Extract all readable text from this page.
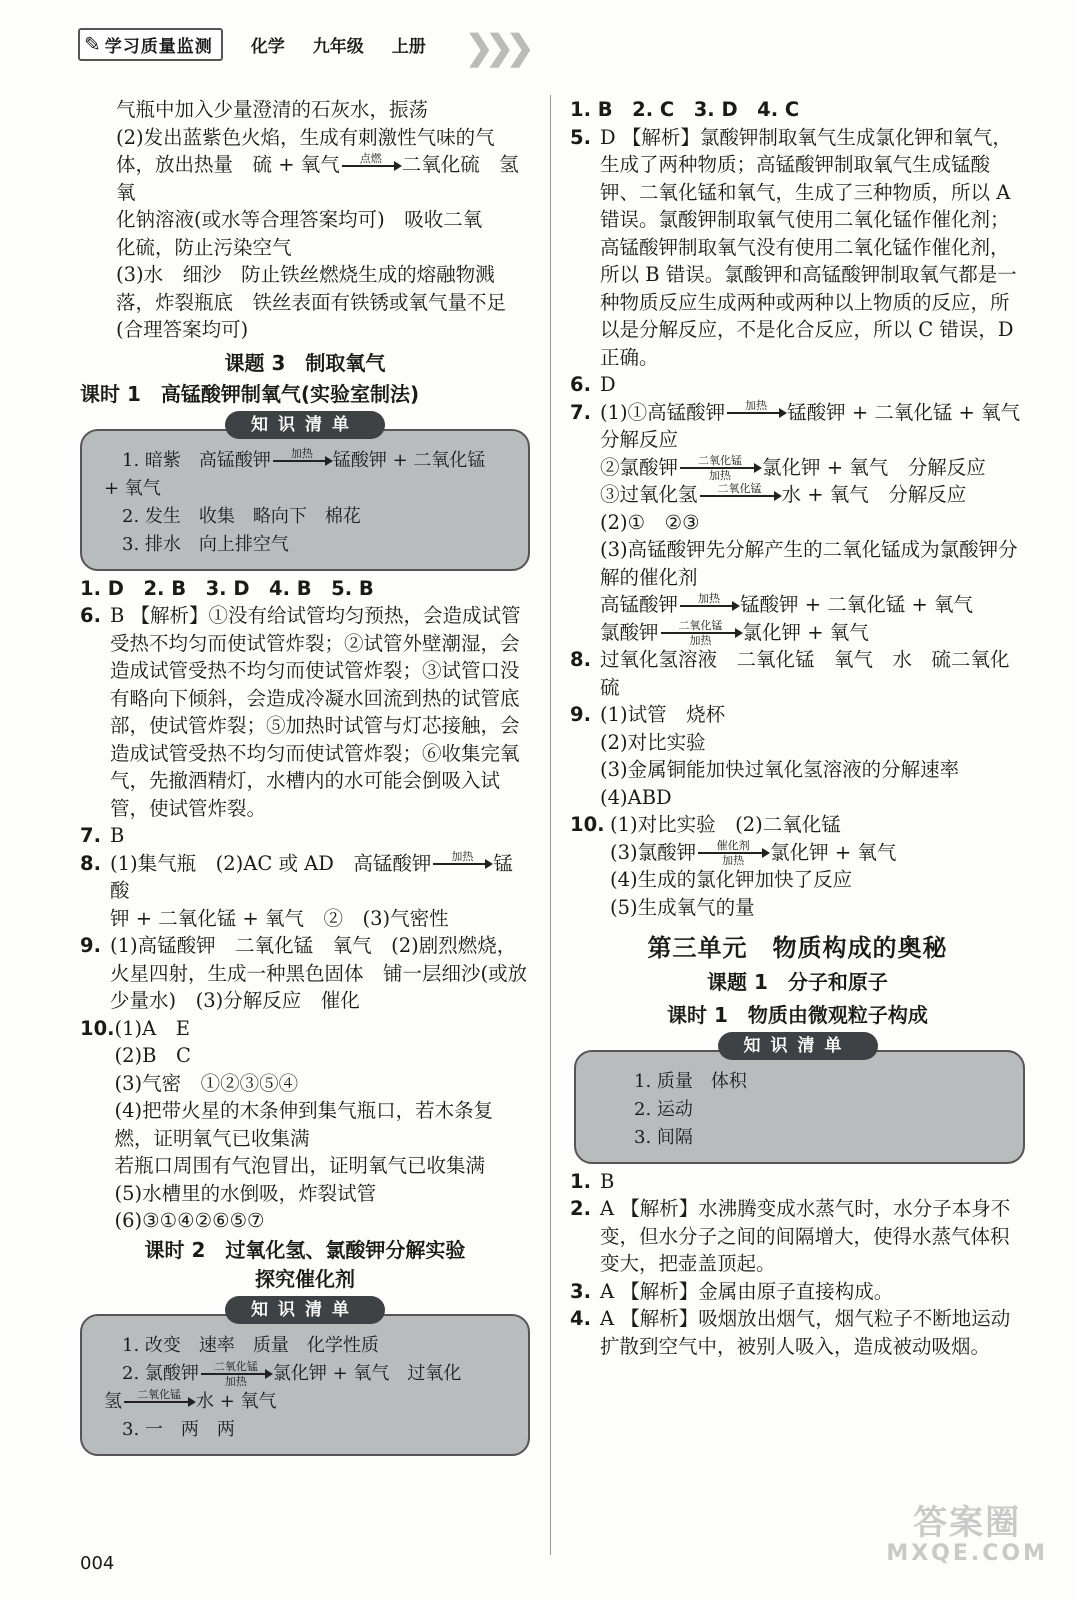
✎ 学习质量监测 化学 九年级 上册 ❯❯❯
气瓶中加入少量澄清的石灰水，振荡
(2)发出蓝紫色火焰，生成有刺激性气味的气
体，放出热量　硫 + 氧气 点燃 二氧化硫　氢氧
化钠溶液(或水等合理答案均可)　吸收二氧
化硫，防止污染空气
(3)水　细沙　防止铁丝燃烧生成的熔融物溅
落，炸裂瓶底　铁丝表面有铁锈或氧气量不足
(合理答案均可)
课题 3　制取氧气
课时 1　高锰酸钾制氧气(实验室制法)
知识清单
1. 暗紫　高锰酸钾 加热 锰酸钾 + 二氧化锰
+ 氧气
2. 发生　收集　略向下　棉花
3. 排水　向上排空气
1. D　2. B　3. D　4. B　5. B
6. B 【解析】①没有给试管均匀预热，会造成试管受热不均匀而使试管炸裂；②试管外壁潮湿，会造成试管受热不均匀而使试管炸裂；③试管口没有略向下倾斜，会造成冷凝水回流到热的试管底部，使试管炸裂；⑤加热时试管与灯芯接触，会造成试管受热不均匀而使试管炸裂；⑥收集完氧气，先撤酒精灯，水槽内的水可能会倒吸入试管，使试管炸裂。
7. B
8. (1)集气瓶　(2)AC 或 AD　高锰酸钾 加热 锰酸
钾 + 二氧化锰 + 氧气　②　(3)气密性
9. (1)高锰酸钾　二氧化锰　氧气　(2)剧烈燃烧，火星四射，生成一种黑色固体　铺一层细沙(或放少量水)　(3)分解反应　催化
10. (1)A　E
(2)B　C
(3)气密　①②③⑤④
(4)把带火星的木条伸到集气瓶口，若木条复
燃，证明氧气已收集满
若瓶口周围有气泡冒出，证明氧气已收集满
(5)水槽里的水倒吸，炸裂试管
(6)③①④②⑥⑤⑦
课时 2　过氧化氢、氯酸钾分解实验
探究催化剂
知识清单
1. 改变　速率　质量　化学性质
2. 氯酸钾 二氧化锰
加热 氯化钾 + 氧气　过氧化
氢 二氧化锰 水 + 氧气
3. 一　两　两
1. B　2. C　3. D　4. C
5. D 【解析】氯酸钾制取氧气生成氯化钾和氧气，生成了两种物质；高锰酸钾制取氧气生成锰酸钾、二氧化锰和氧气，生成了三种物质，所以 A 错误。氯酸钾制取氧气使用二氧化锰作催化剂；高锰酸钾制取氧气没有使用二氧化锰作催化剂，所以 B 错误。氯酸钾和高锰酸钾制取氧气都是一种物质反应生成两种或两种以上物质的反应，所以是分解反应，不是化合反应，所以 C 错误，D 正确。
6. D
7. (1)①高锰酸钾 加热 锰酸钾 + 二氧化锰 + 氧气
分解反应
②氯酸钾 二氧化锰
加热 氯化钾 + 氧气　分解反应
③过氧化氢 二氧化锰 水 + 氧气　分解反应
(2)①　②③
(3)高锰酸钾先分解产生的二氧化锰成为氯酸钾分解的催化剂
高锰酸钾 加热 锰酸钾 + 二氧化锰 + 氧气
氯酸钾 二氧化锰
加热 氯化钾 + 氧气
8. 过氧化氢溶液　二氧化锰　氧气　水　硫二氧化硫
9. (1)试管　烧杯
(2)对比实验
(3)金属铜能加快过氧化氢溶液的分解速率
(4)ABD
10. (1)对比实验　(2)二氧化锰
(3)氯酸钾 催化剂
加热 氯化钾 + 氧气
(4)生成的氯化钾加快了反应
(5)生成氧气的量
第三单元　物质构成的奥秘
课题 1　分子和原子
课时 1　物质由微观粒子构成
知识清单
1. 质量　体积
2. 运动
3. 间隔
1. B
2. A 【解析】水沸腾变成水蒸气时，水分子本身不变，但水分子之间的间隔增大，使得水蒸气体积变大，把壶盖顶起。
3. A 【解析】金属由原子直接构成。
4. A 【解析】吸烟放出烟气，烟气粒子不断地运动扩散到空气中，被别人吸入，造成被动吸烟。
004
答案圈
MXQE.COM
